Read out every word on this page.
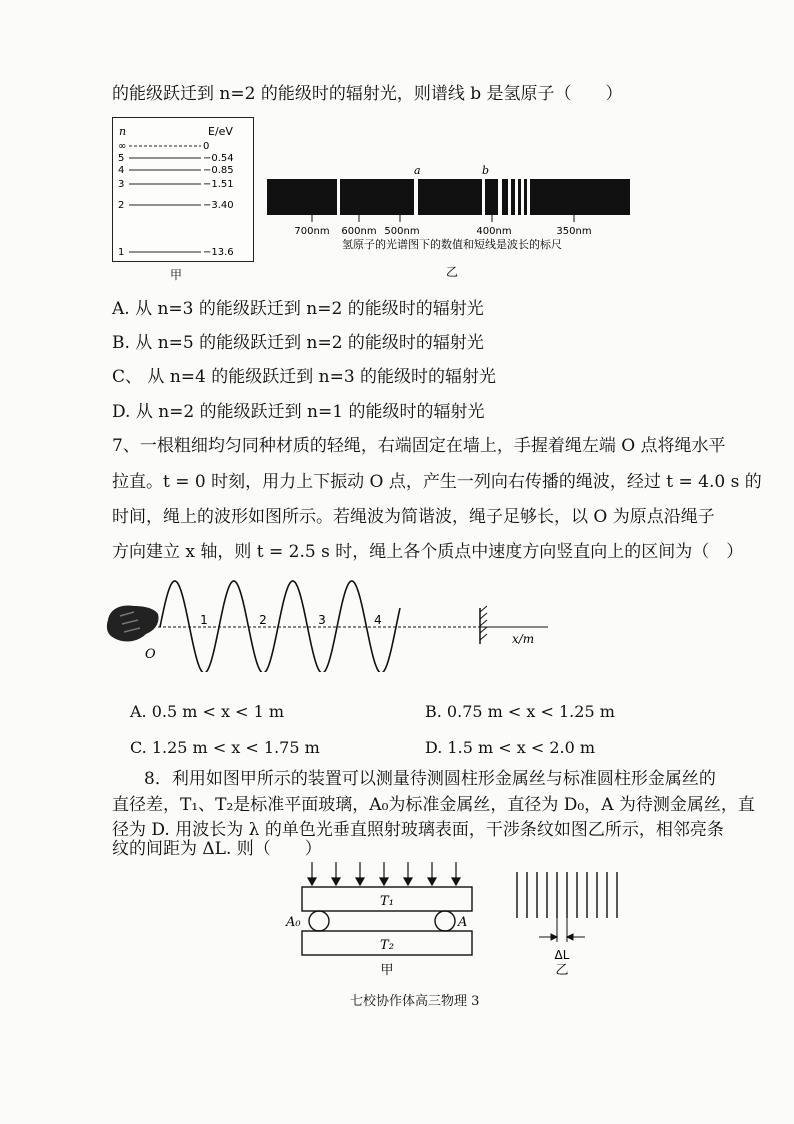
的能级跃迁到 n=2 的能级时的辐射光，则谱线 b 是氢原子（　　）
n	E/eV
∞	0
5	−0.54
4	−0.85
3	−1.51
2	−3.40
1	−13.6
甲
a	b
700nm 600nm 500nm	400nm	350nm
氢原子的光谱图下的数值和短线是波长的标尺
乙
A. 从 n=3 的能级跃迁到 n=2 的能级时的辐射光
B. 从 n=5 的能级跃迁到 n=2 的能级时的辐射光
C、 从 n=4 的能级跃迁到 n=3 的能级时的辐射光
D. 从 n=2 的能级跃迁到 n=1 的能级时的辐射光
7、一根粗细均匀同种材质的轻绳，右端固定在墙上，手握着绳左端 O 点将绳水平
拉直。t = 0 时刻，用力上下振动 O 点，产生一列向右传播的绳波，经过 t = 4.0 s 的
时间，绳上的波形如图所示。若绳波为简谐波，绳子足够长，以 O 为原点沿绳子
方向建立 x 轴，则 t = 2.5 s 时，绳上各个质点中速度方向竖直向上的区间为（　）
O
1	2	3	4
x/m
A. 0.5 m < x < 1 m	B. 0.75 m < x < 1.25 m
C. 1.25 m < x < 1.75 m	D. 1.5 m < x < 2.0 m
8．利用如图甲所示的装置可以测量待测圆柱形金属丝与标准圆柱形金属丝的
直径差，T₁、T₂是标准平面玻璃，A₀为标准金属丝，直径为 D₀，A 为待测金属丝，直
径为 D. 用波长为 λ 的单色光垂直照射玻璃表面，干涉条纹如图乙所示，相邻亮条
纹的间距为 ΔL. 则（　　）
T₁
A₀	A
T₂
甲
ΔL
乙
七校协作体高三物理 3
